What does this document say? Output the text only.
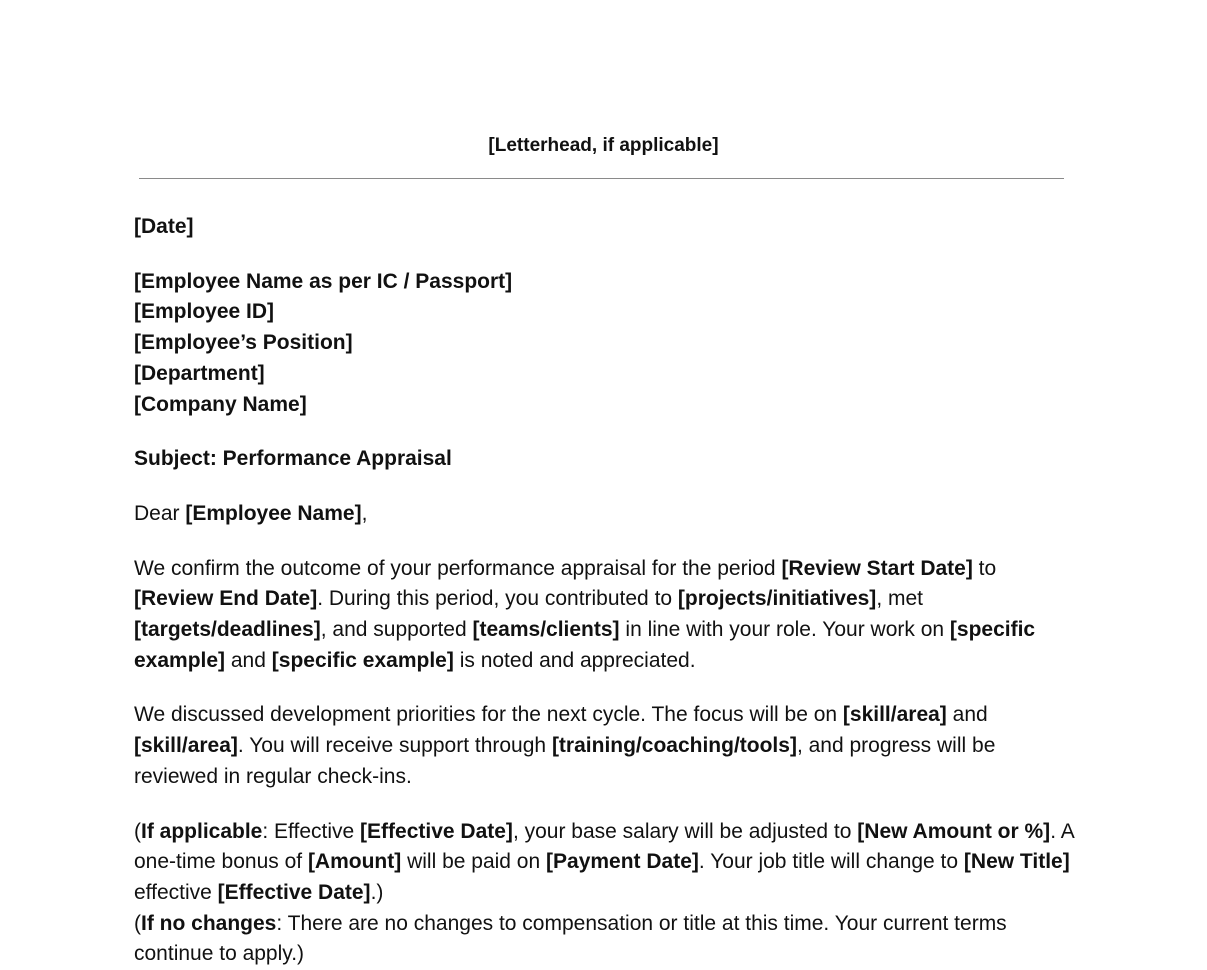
[Letterhead, if applicable]

[Date]

[Employee Name as per IC / Passport]

[Employee ID]

[Employee’s Position]

[Department]

[Company Name]

Subject: Performance Appraisal

Dear [Employee Name],

We confirm the outcome of your performance appraisal for the period [Review Start Date] to [Review End Date]. During this period, you contributed to [projects/initiatives], met [targets/deadlines], and supported [teams/clients] in line with your role. Your work on [specific example] and [specific example] is noted and appreciated.

We discussed development priorities for the next cycle. The focus will be on [skill/area] and [skill/area]. You will receive support through [training/coaching/tools], and progress will be reviewed in regular check-ins.

(If applicable: Effective [Effective Date], your base salary will be adjusted to [New Amount or %]. A one-time bonus of [Amount] will be paid on [Payment Date]. Your job title will change to [New Title] effective [Effective Date].)

(If no changes: There are no changes to compensation or title at this time. Your current terms continue to apply.)
